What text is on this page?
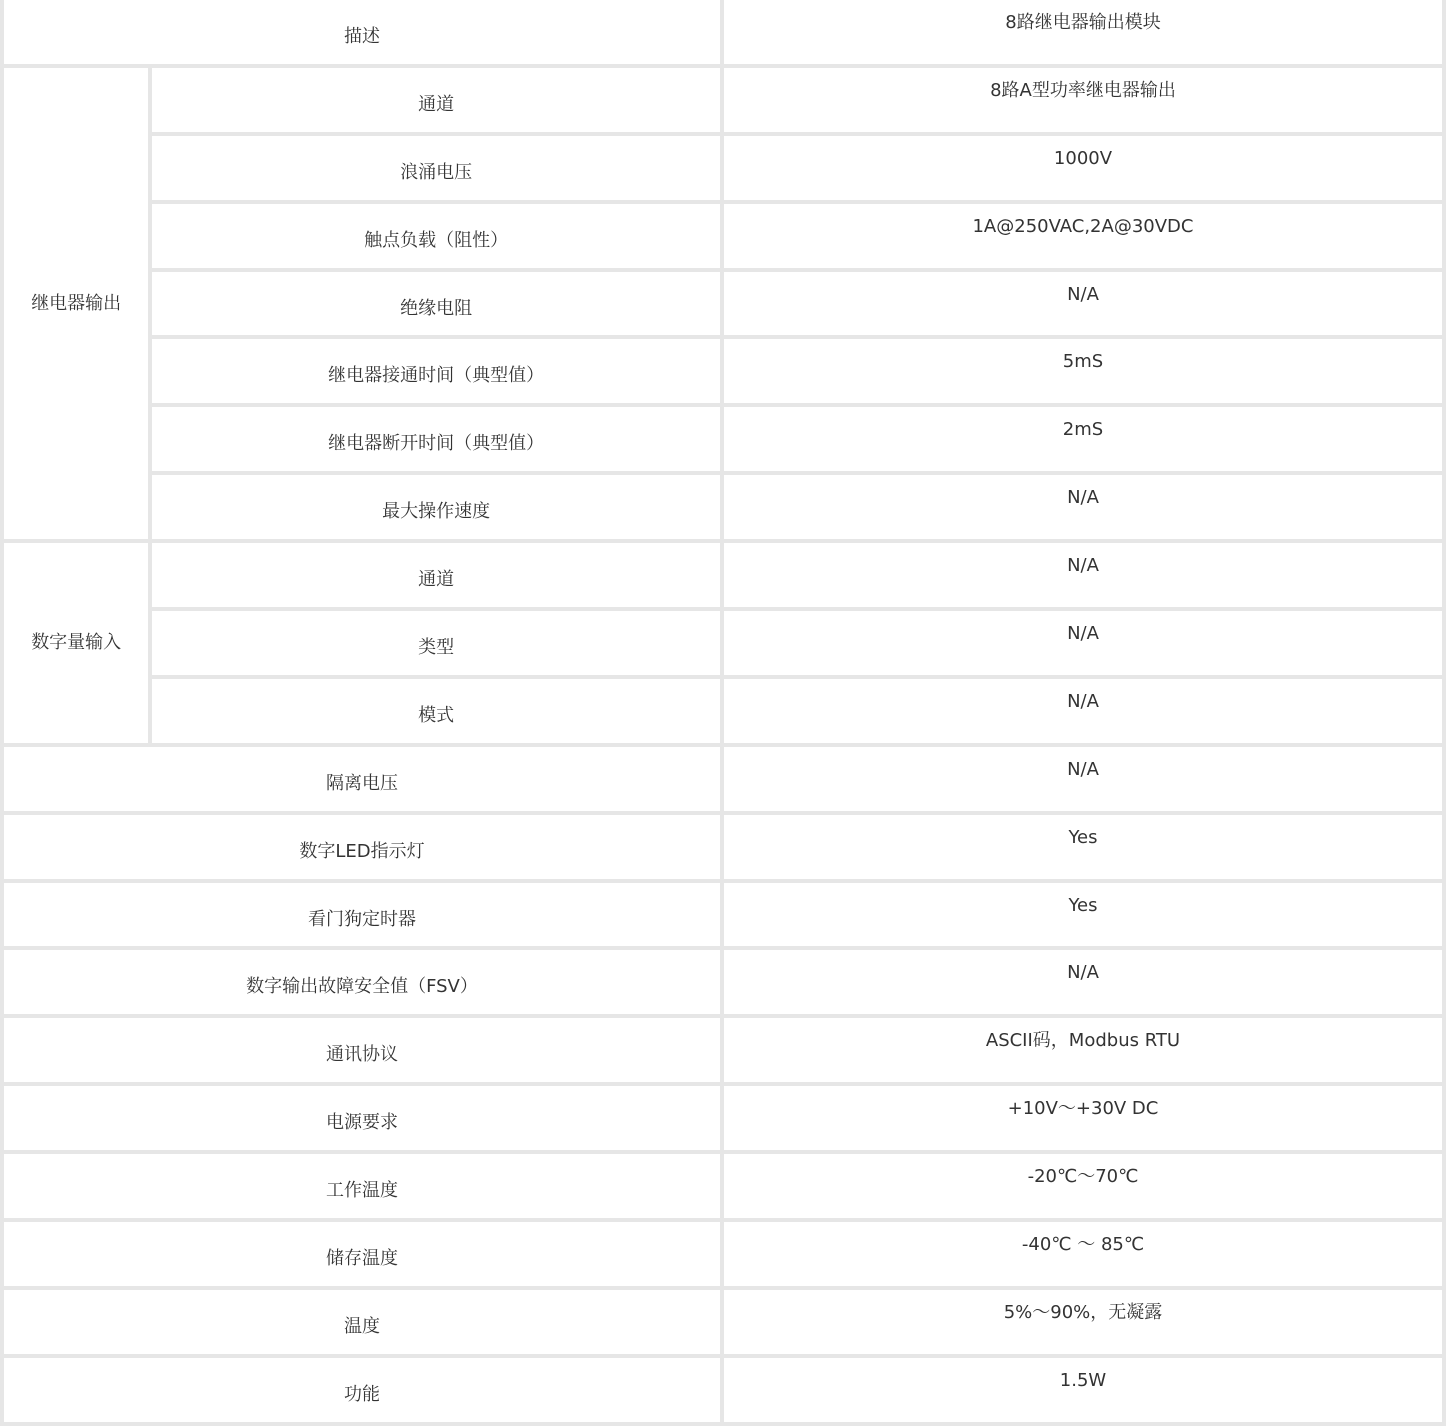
描述		8路继电器输出模块
继电器输出	通道	8路A型功率继电器输出
	浪涌电压	1000V
	触点负载（阻性）	1A@250VAC,2A@30VDC
	绝缘电阻	N/A
	继电器接通时间（典型值）	5mS
	继电器断开时间（典型值）	2mS
	最大操作速度	N/A
数字量输入	通道	N/A
	类型	N/A
	模式	N/A
隔离电压		N/A
数字LED指示灯		Yes
看门狗定时器		Yes
数字输出故障安全值（FSV）		N/A
通讯协议		ASCII码，Modbus RTU
电源要求		+10V～+30V DC
工作温度		-20℃～70℃
储存温度		-40℃ ～ 85℃
温度		5%～90%，无凝露
功能		1.5W
